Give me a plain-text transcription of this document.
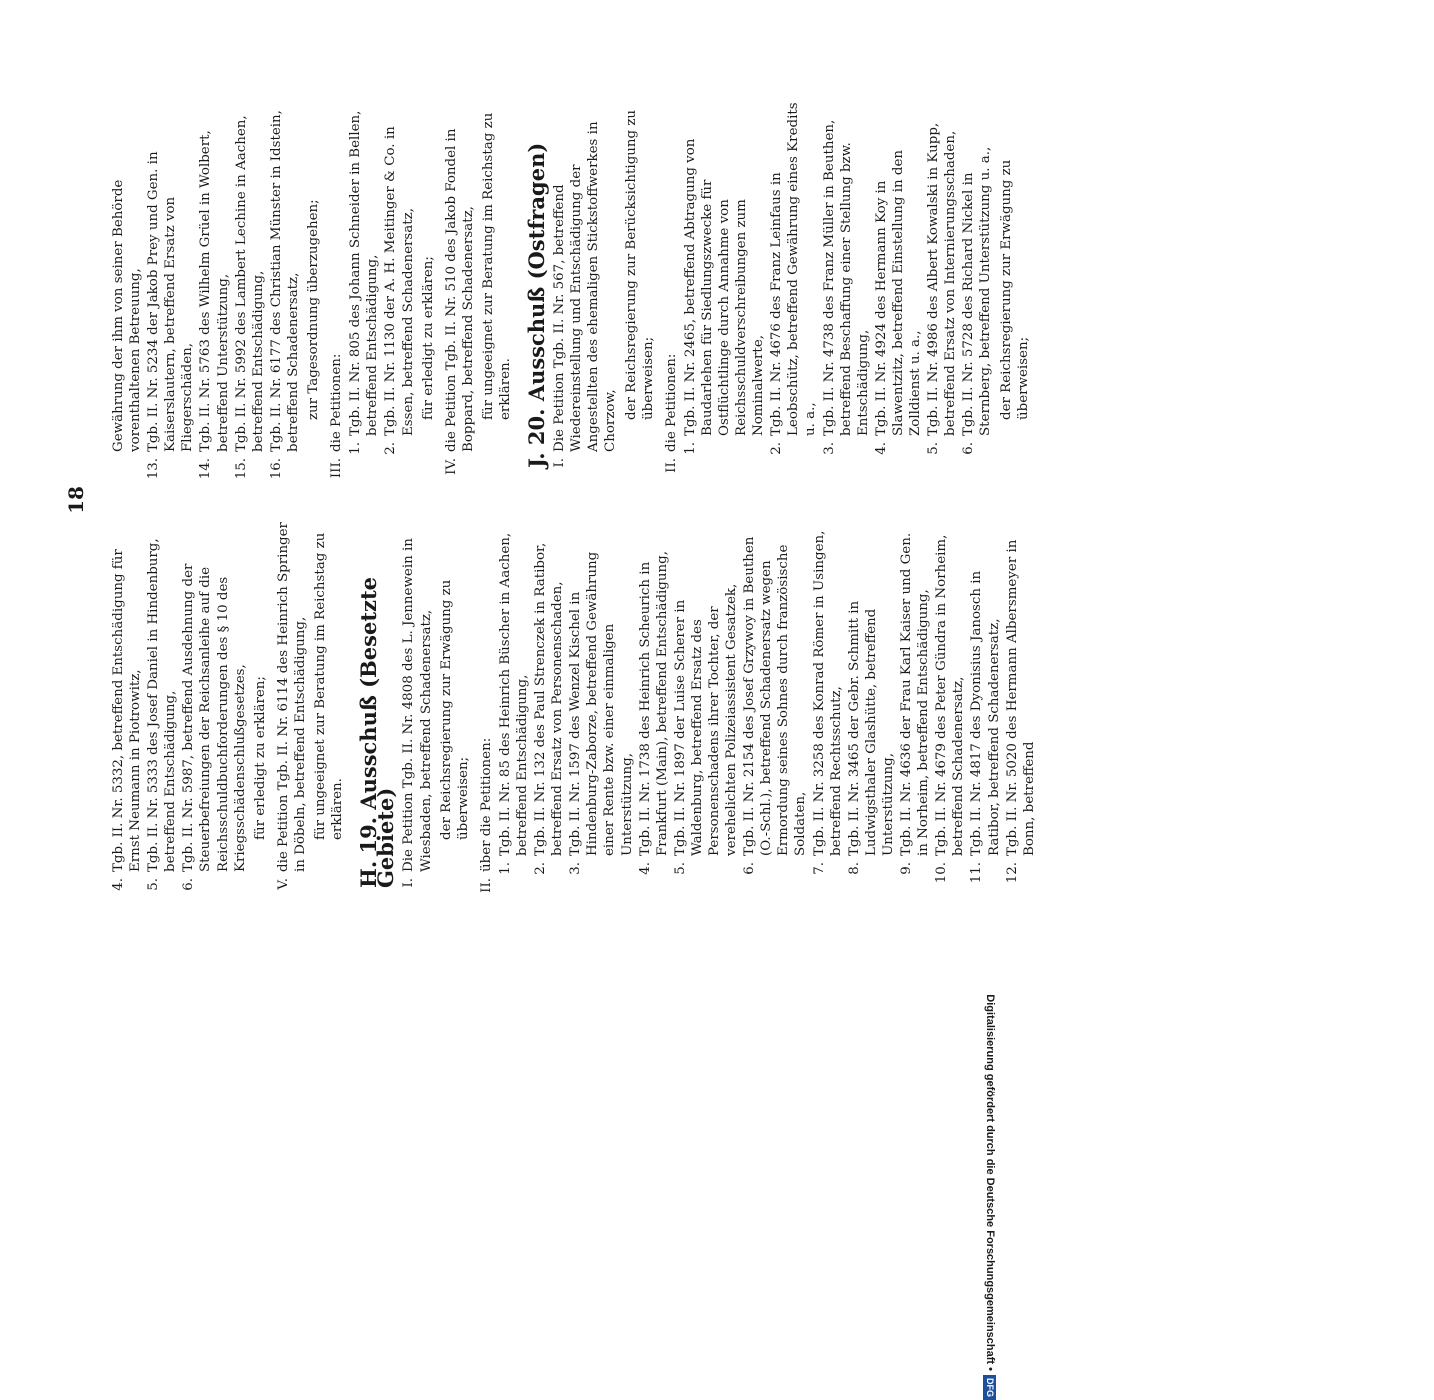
18
4.
Tgb. II. Nr. 5332, betreffend Entschädigung für Ernst Neumann in Piotrowitz,
5.
Tgb. II. Nr. 5333 des Josef Daniel in Hindenburg, betreffend Entschädigung,
6.
Tgb. II. Nr. 5987, betreffend Ausdehnung der Steuerbefreiungen der Reichsanleihe auf die Reichsschuldbuchforderungen des § 10 des Kriegsschädenschlußgesetzes, für erledigt zu erklären;
V.
die Petition Tgb. II. Nr. 6114 des Heinrich Springer in Döbeln, betreffend Entschädigung, für ungeeignet zur Beratung im Reichstag zu erklären. H. 19. Ausschuß (Besetzte Gebiete) I.
Die Petition Tgb. II. Nr. 4808 des L. Jennewein in Wiesbaden, betreffend Schadenersatz, der Reichsregierung zur Erwägung zu überweisen;
II.
über die Petitionen: 1.
Tgb. II. Nr. 85 des Heinrich Büscher in Aachen, betreffend Entschädigung,
2.
Tgb. II. Nr. 132 des Paul Strenczek in Ratibor, betreffend Ersatz von Personenschaden,
3.
Tgb. II. Nr. 1597 des Wenzel Kischel in Hindenburg-Zaborze, betreffend Gewährung einer Rente bzw. einer einmaligen Unterstützung,
4.
Tgb. II. Nr. 1738 des Heinrich Scheurich in Frankfurt (Main), betreffend Entschädigung,
5.
Tgb. II. Nr. 1897 der Luise Scherer in Waldenburg, betreffend Ersatz des Personenschadens ihrer Tochter, der verehelichten Polizeiassistent Gesatzek,
6.
Tgb. II. Nr. 2154 des Josef Grzywoy in Beuthen (O.-Schl.), betreffend Schadenersatz wegen Ermordung seines Sohnes durch französische Soldaten,
7.
Tgb. II. Nr. 3258 des Konrad Römer in Usingen, betreffend Rechtsschutz,
8.
Tgb. II. Nr. 3465 der Gebr. Schmitt in Ludwigsthaler Glashütte, betreffend Unterstützung,
9.
Tgb. II. Nr. 4636 der Frau Karl Kaiser und Gen. in Norheim, betreffend Entschädigung,
10.
Tgb. II. Nr. 4679 des Peter Gündra in Norheim, betreffend Schadenersatz,
11.
Tgb. II. Nr. 4817 des Dyonisius Janosch in Ratibor, betreffend Schadenersatz,
12.
Tgb. II. Nr. 5020 des Hermann Albersmeyer in Bonn, betreffend
Gewährung der ihm von seiner Behörde vorenthaltenen Betreuung,
13.
Tgb. II. Nr. 5234 der Jakob Prey und Gen. in Kaiserslautern, betreffend Ersatz von Fliegerschäden,
14.
Tgb. II. Nr. 5763 des Wilhelm Grüel in Wolbert, betreffend Unterstützung,
15.
Tgb. II. Nr. 5992 des Lambert Lechine in Aachen, betreffend Entschädigung,
16.
Tgb. II. Nr. 6177 des Christian Münster in Idstein, betreffend Schadenersatz, zur Tagesordnung überzugehen;
III.
die Petitionen: 1.
Tgb. II. Nr. 805 des Johann Schneider in Bellen, betreffend Entschädigung,
2.
Tgb. II. Nr. 1130 der A. H. Meitinger & Co. in Essen, betreffend Schadenersatz, für erledigt zu erklären;
IV.
die Petition Tgb. II. Nr. 510 des Jakob Fondel in Boppard, betreffend Schadenersatz, für ungeeignet zur Beratung im Reichstag zu erklären. J. 20. Ausschuß (Ostfragen) I.
Die Petition Tgb. II. Nr. 567, betreffend Wiedereinstellung und Entschädigung der Angestellten des ehemaligen Stickstoffwerkes in Chorzow,
der Reichsregierung zur Berücksichtigung zu überweisen;
II.
die Petitionen: 1.
Tgb. II. Nr. 2465, betreffend Abtragung von Baudarlehen für Siedlungszwecke für Ostflüchtlinge durch Annahme von Reichsschuldverschreibungen zum Nominalwerte,
2.
Tgb. II. Nr. 4676 des Franz Leinfaus in Leobschütz, betreffend Gewährung eines Kredits u. a.,
3.
Tgb. II. Nr. 4738 des Franz Müller in Beuthen, betreffend Beschaffung einer Stellung bzw. Entschädigung,
4.
Tgb. II. Nr. 4924 des Hermann Koy in Slawentzitz, betreffend Einstellung in den Zolldienst u. a.,
5.
Tgb. II. Nr. 4986 des Albert Kowalski in Kupp, betreffend Ersatz von Internierungsschaden,
6.
Tgb. II. Nr. 5728 des Richard Nickel in Sternberg, betreffend Unterstützung u. a., der Reichsregierung zur Erwägung zu überweisen;
Digitalisierung gefördert durch die Deutsche Forschungsgemeinschaft •
DFG
